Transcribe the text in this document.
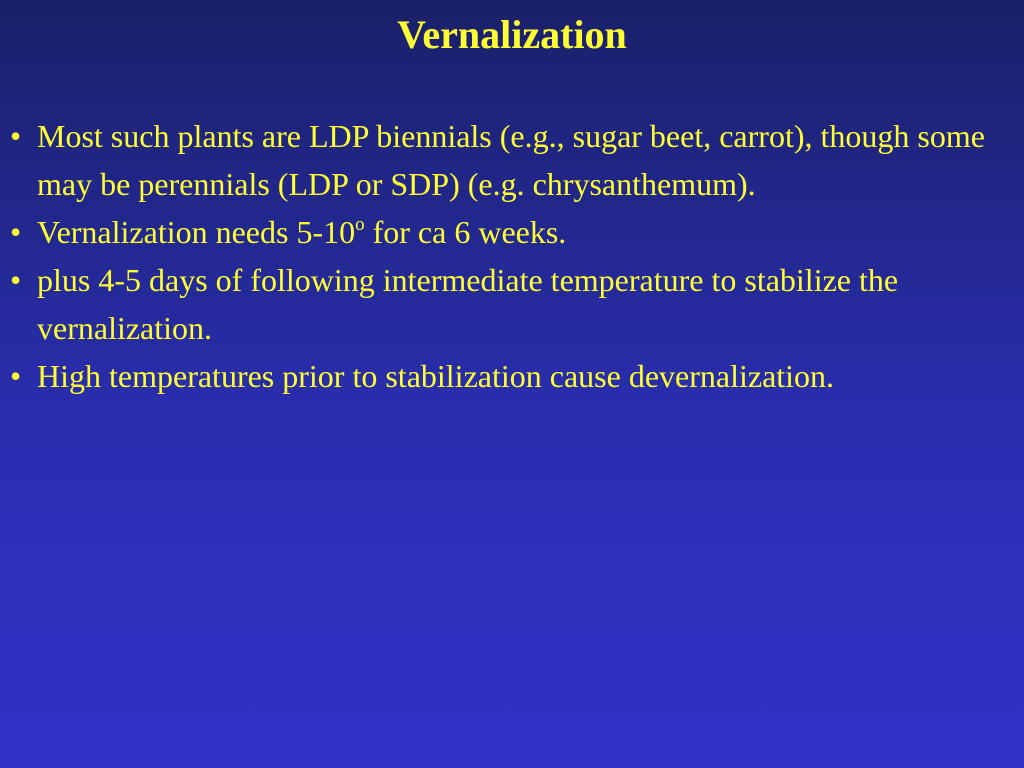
Vernalization
• Most such plants are LDP biennials (e.g., sugar beet, carrot), though some may be perennials (LDP or SDP) (e.g. chrysanthemum).
• Vernalization needs 5-10$^o$ for ca 6 weeks.
• plus 4-5 days of following intermediate temperature to stabilize the vernalization.
• High temperatures prior to stabilization cause devernalization.
